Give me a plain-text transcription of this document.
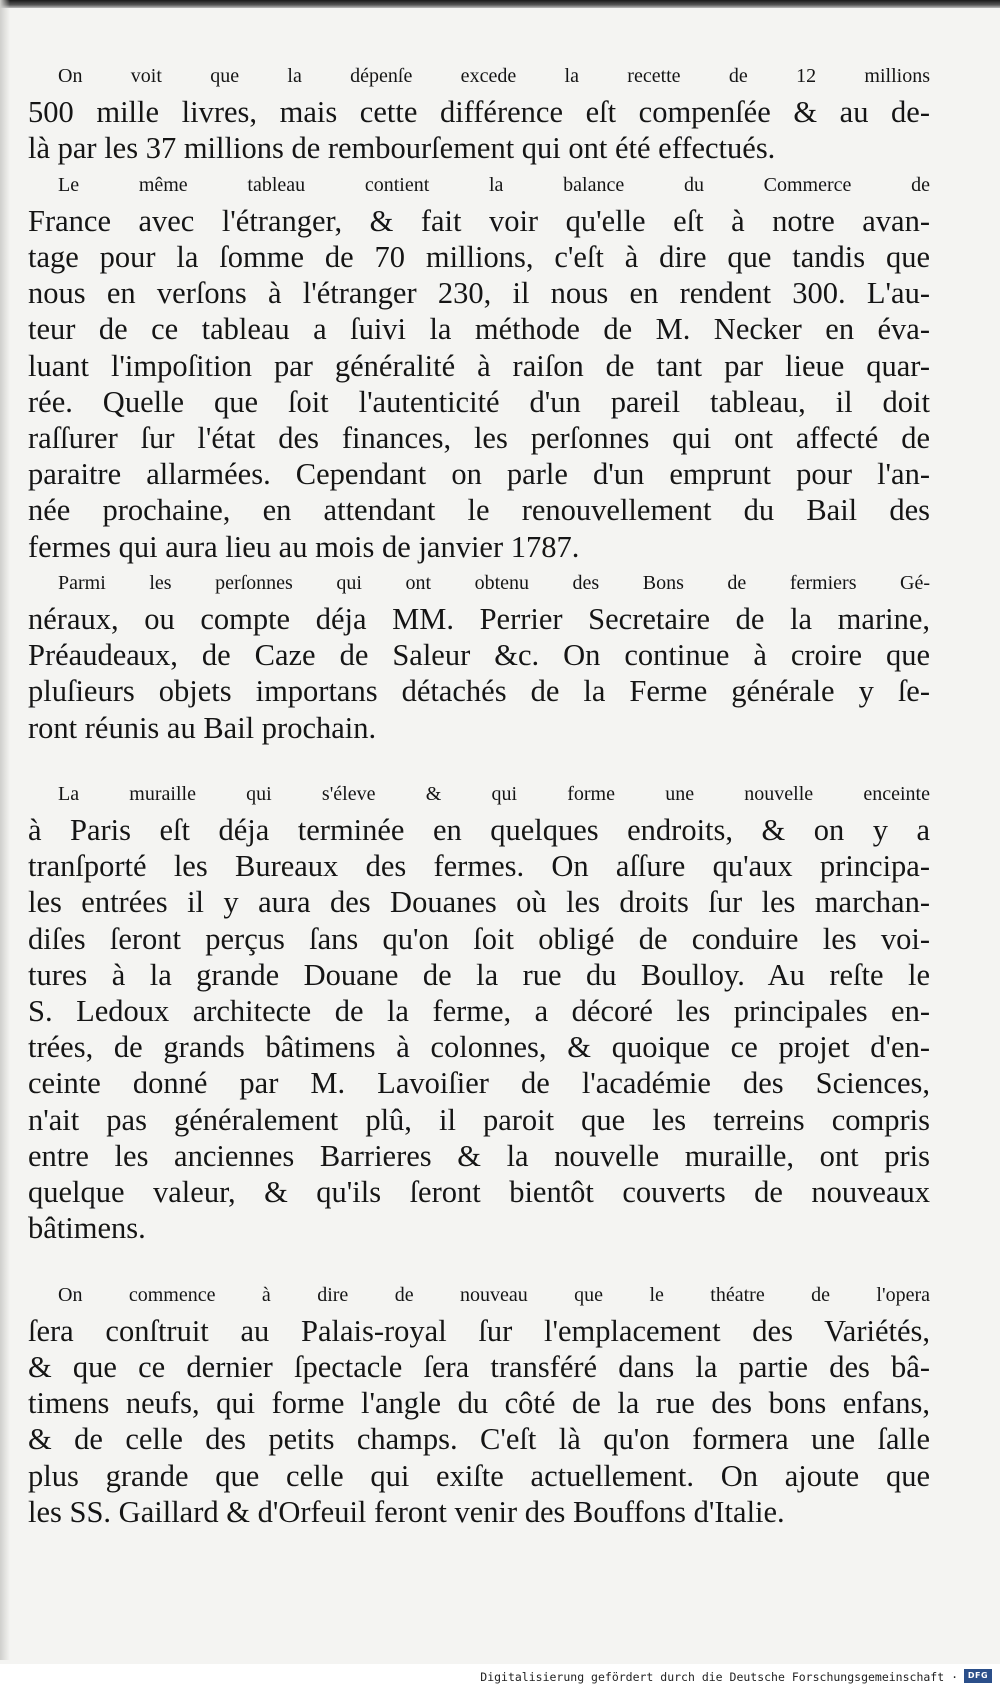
On voit que la dépenſe excede la recette de 12 millions
500 mille livres, mais cette différence eſt compenſée & au de-
là par les 37 millions de rembourſement qui ont été effectués.

Le même tableau contient la balance du Commerce de
France avec l'étranger, & fait voir qu'elle eſt à notre avan-
tage pour la ſomme de 70 millions, c'eſt à dire que tandis que
nous en verſons à l'étranger 230, il nous en rendent 300. L'au-
teur de ce tableau a ſuivi la méthode de M. Necker en éva-
luant l'impoſition par généralité à raiſon de tant par lieue quar-
rée. Quelle que ſoit l'autenticité d'un pareil tableau, il doit
raſſurer ſur l'état des finances, les perſonnes qui ont affecté de
paraitre allarmées. Cependant on parle d'un emprunt pour l'an-
née prochaine, en attendant le renouvellement du Bail des
fermes qui aura lieu au mois de janvier 1787.

Parmi les perſonnes qui ont obtenu des Bons de fermiers Gé-
néraux, ou compte déja MM. Perrier Secretaire de la marine,
Préaudeaux, de Caze de Saleur &c. On continue à croire que
pluſieurs objets importans détachés de la Ferme générale y ſe-
ront réunis au Bail prochain.

La muraille qui s'éleve & qui forme une nouvelle enceinte
à Paris eſt déja terminée en quelques endroits, & on y a
tranſporté les Bureaux des fermes. On aſſure qu'aux principa-
les entrées il y aura des Douanes où les droits ſur les marchan-
diſes ſeront perçus ſans qu'on ſoit obligé de conduire les voi-
tures à la grande Douane de la rue du Boulloy. Au reſte le
S. Ledoux architecte de la ferme, a décoré les principales en-
trées, de grands bâtimens à colonnes, & quoique ce projet d'en-
ceinte donné par M. Lavoiſier de l'académie des Sciences,
n'ait pas généralement plû, il paroit que les terreins compris
entre les anciennes Barrieres & la nouvelle muraille, ont pris
quelque valeur, & qu'ils ſeront bientôt couverts de nouveaux
bâtimens.

On commence à dire de nouveau que le théatre de l'opera
ſera conſtruit au Palais-royal ſur l'emplacement des Variétés,
& que ce dernier ſpectacle ſera transféré dans la partie des bâ-
timens neufs, qui forme l'angle du côté de la rue des bons enfans,
& de celle des petits champs. C'eſt là qu'on formera une ſalle
plus grande que celle qui exiſte actuellement. On ajoute que
les SS. Gaillard & d'Orfeuil feront venir des Bouffons d'Italie.

Digitalisierung gefördert durch die Deutsche Forschungsgemeinschaft ·	DFG
